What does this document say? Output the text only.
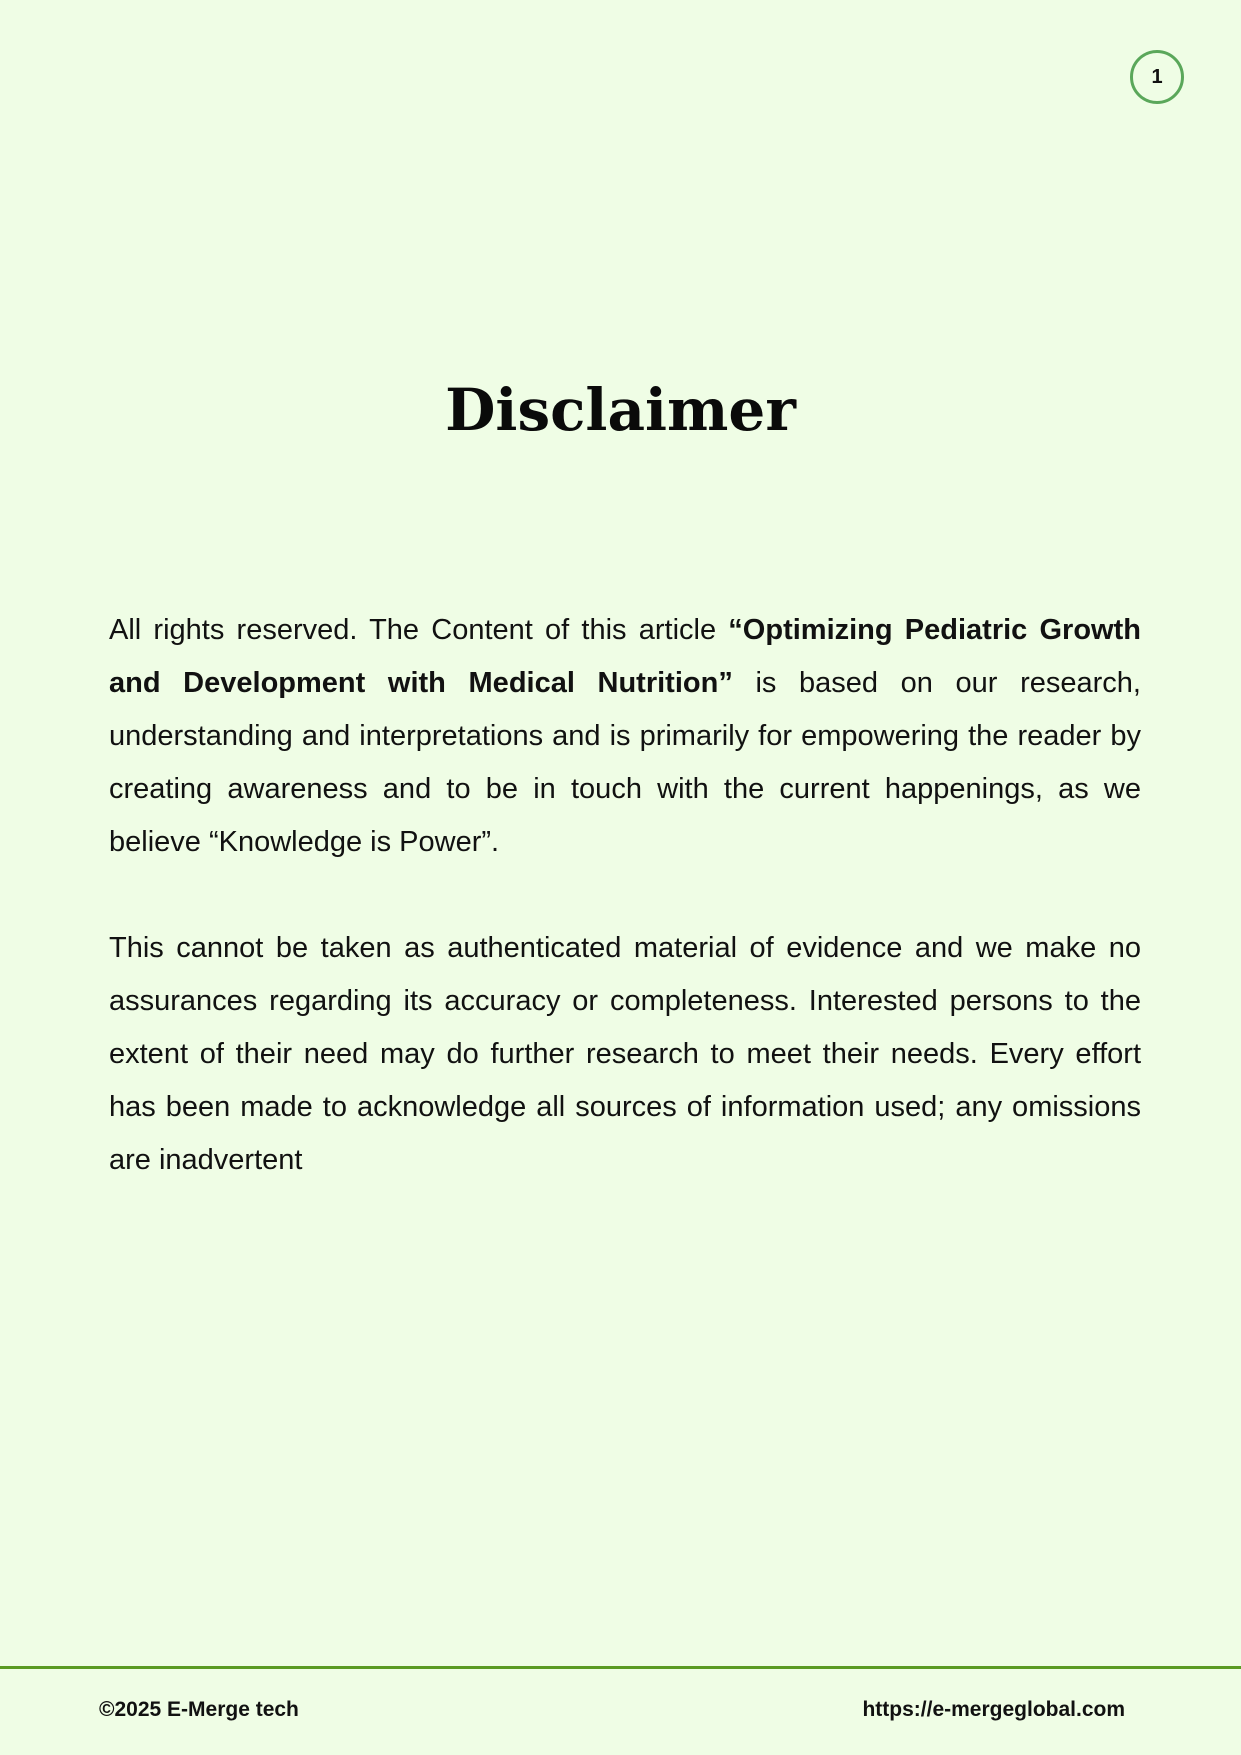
1
Disclaimer

All rights reserved. The Content of this article “Optimizing Pediatric Growth and Development with Medical Nutrition” is based on our research, understanding and interpretations and is primarily for empowering the reader by creating awareness and to be in touch with the current happenings, as we believe “Knowledge is Power”.

This cannot be taken as authenticated material of evidence and we make no assurances regarding its accuracy or completeness. Interested persons to the extent of their need may do further research to meet their needs. Every effort has been made to acknowledge all sources of information used; any omissions are inadvertent

©2025 E-Merge tech	https://e-mergeglobal.com
